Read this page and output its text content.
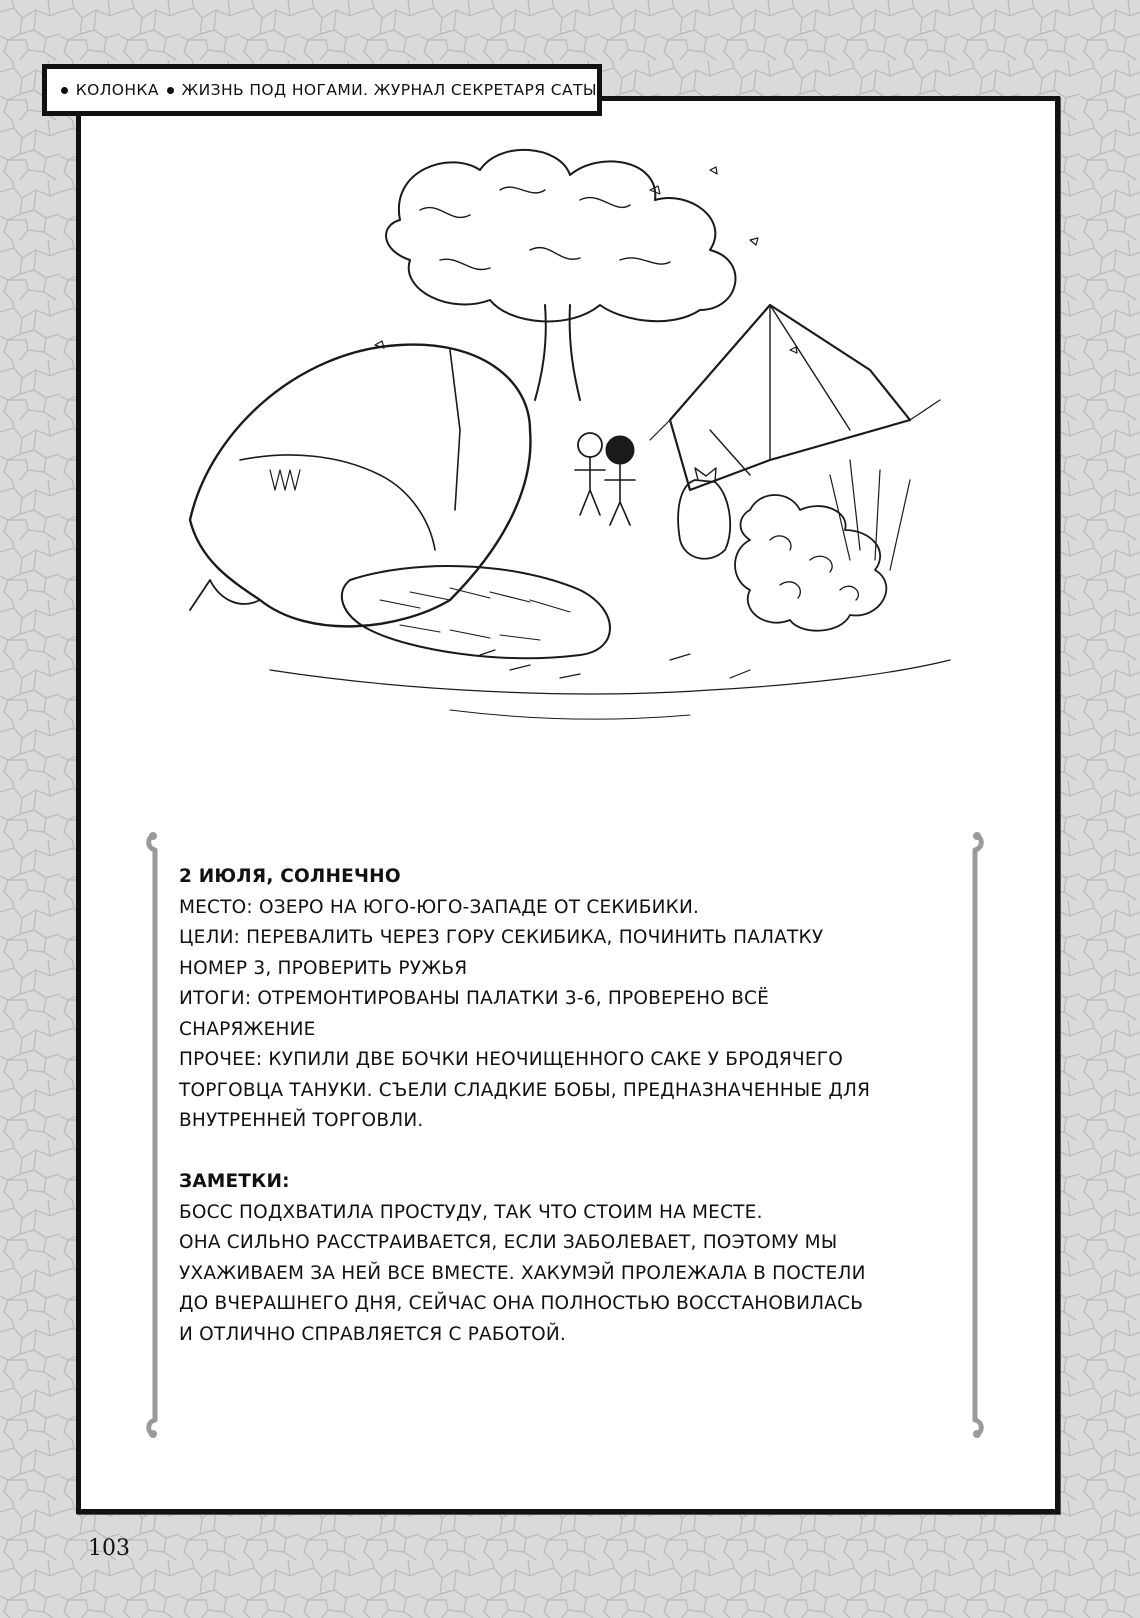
КОЛОНКА ЖИЗНЬ ПОД НОГАМИ. ЖУРНАЛ СЕКРЕТАРЯ САТЫ
2 ИЮЛЯ, СОЛНЕЧНО
МЕСТО: ОЗЕРО НА ЮГО-ЮГО-ЗАПАДЕ ОТ СЕКИБИКИ.
ЦЕЛИ: ПЕРЕВАЛИТЬ ЧЕРЕЗ ГОРУ СЕКИБИКА, ПОЧИНИТЬ ПАЛАТКУ
НОМЕР 3, ПРОВЕРИТЬ РУЖЬЯ
ИТОГИ: ОТРЕМОНТИРОВАНЫ ПАЛАТКИ 3-6, ПРОВЕРЕНО ВСЁ
СНАРЯЖЕНИЕ
ПРОЧЕЕ: КУПИЛИ ДВЕ БОЧКИ НЕОЧИЩЕННОГО САКЕ У БРОДЯЧЕГО
ТОРГОВЦА ТАНУКИ. СЪЕЛИ СЛАДКИЕ БОБЫ, ПРЕДНАЗНАЧЕННЫЕ ДЛЯ
ВНУТРЕННЕЙ ТОРГОВЛИ.
ЗАМЕТКИ:
БОСС ПОДХВАТИЛА ПРОСТУДУ, ТАК ЧТО СТОИМ НА МЕСТЕ.
ОНА СИЛЬНО РАССТРАИВАЕТСЯ, ЕСЛИ ЗАБОЛЕВАЕТ, ПОЭТОМУ МЫ
УХАЖИВАЕМ ЗА НЕЙ ВСЕ ВМЕСТЕ. ХАКУМЭЙ ПРОЛЕЖАЛА В ПОСТЕЛИ
ДО ВЧЕРАШНЕГО ДНЯ, СЕЙЧАС ОНА ПОЛНОСТЬЮ ВОССТАНОВИЛАСЬ
И ОТЛИЧНО СПРАВЛЯЕТСЯ С РАБОТОЙ.
103
